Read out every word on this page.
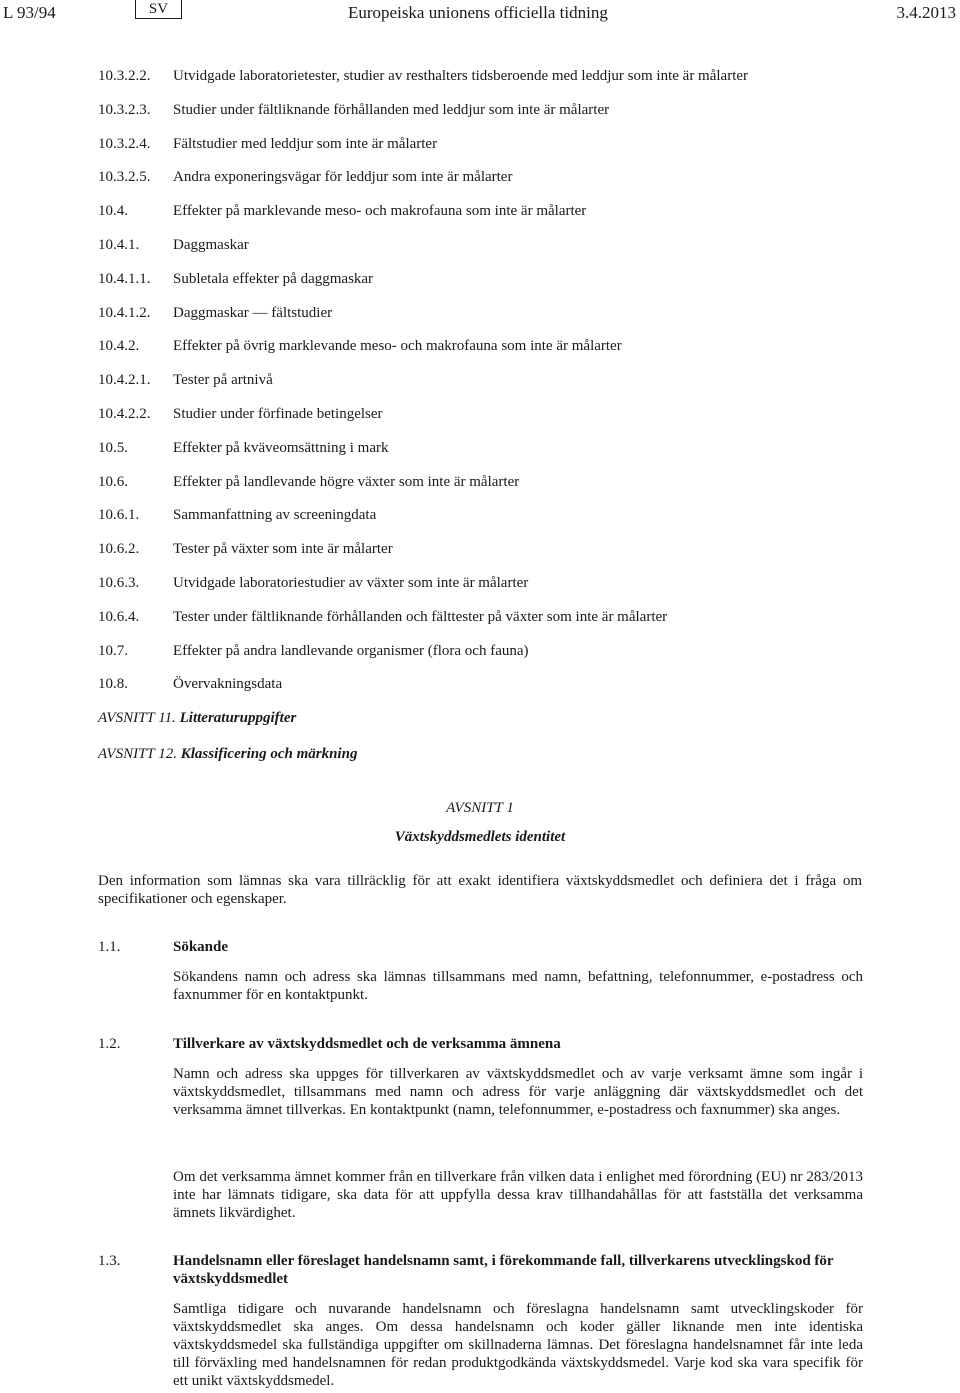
L 93/94	SV	Europeiska unionens officiella tidning	3.4.2013
10.3.2.2. Utvidgade laboratorietester, studier av resthalters tidsberoende med leddjur som inte är målarter
10.3.2.3. Studier under fältliknande förhållanden med leddjur som inte är målarter
10.3.2.4. Fältstudier med leddjur som inte är målarter
10.3.2.5. Andra exponeringsvägar för leddjur som inte är målarter
10.4.	Effekter på marklevande meso- och makrofauna som inte är målarter
10.4.1. Daggmaskar
10.4.1.1. Subletala effekter på daggmaskar
10.4.1.2. Daggmaskar — fältstudier
10.4.2. Effekter på övrig marklevande meso- och makrofauna som inte är målarter
10.4.2.1. Tester på artnivå
10.4.2.2. Studier under förfinade betingelser
10.5.	Effekter på kväveomsättning i mark
10.6.	Effekter på landlevande högre växter som inte är målarter
10.6.1. Sammanfattning av screeningdata
10.6.2. Tester på växter som inte är målarter
10.6.3. Utvidgade laboratoriestudier av växter som inte är målarter
10.6.4. Tester under fältliknande förhållanden och fälttester på växter som inte är målarter
10.7.	Effekter på andra landlevande organismer (flora och fauna)
10.8.	Övervakningsdata
AVSNITT 11. Litteraturuppgifter
AVSNITT 12. Klassificering och märkning
AVSNITT 1
Växtskyddsmedlets identitet
Den information som lämnas ska vara tillräcklig för att exakt identifiera växtskyddsmedlet och definiera det i fråga om specifikationer och egenskaper.
1.1.	Sökande
Sökandens namn och adress ska lämnas tillsammans med namn, befattning, telefonnummer, e-postadress och faxnummer för en kontaktpunkt.
1.2.	Tillverkare av växtskyddsmedlet och de verksamma ämnena
Namn och adress ska uppges för tillverkaren av växtskyddsmedlet och av varje verksamt ämne som ingår i växtskyddsmedlet, tillsammans med namn och adress för varje anläggning där växtskyddsmedlet och det verksamma ämnet tillverkas. En kontaktpunkt (namn, telefonnummer, e-postadress och faxnummer) ska anges.
Om det verksamma ämnet kommer från en tillverkare från vilken data i enlighet med förordning (EU) nr 283/2013 inte har lämnats tidigare, ska data för att uppfylla dessa krav tillhandahållas för att fastställa det verksamma ämnets likvärdighet.
1.3.	Handelsnamn eller föreslaget handelsnamn samt, i förekommande fall, tillverkarens utvecklingskod för växtskyddsmedlet
Samtliga tidigare och nuvarande handelsnamn och föreslagna handelsnamn samt utvecklingskoder för växtskyddsmedlet ska anges. Om dessa handelsnamn och koder gäller liknande men inte identiska växtskyddsmedel ska fullständiga uppgifter om skillnaderna lämnas. Det föreslagna handelsnamnet får inte leda till förväxling med handelsnamnen för redan produktgodkända växtskyddsmedel. Varje kod ska vara specifik för ett unikt växtskyddsmedel.
